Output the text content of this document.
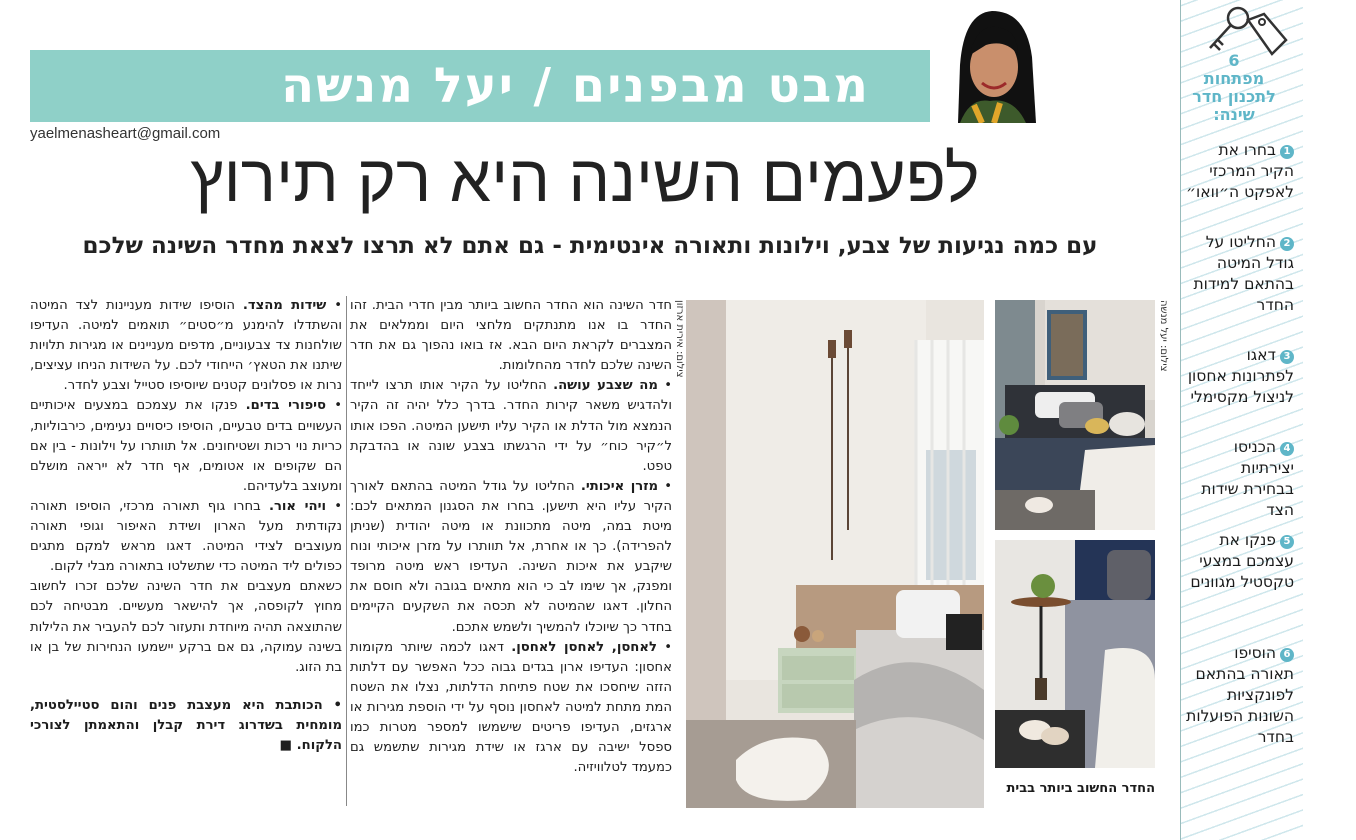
מבט מבפנים / יעל מנשה
yaelmenasheart@gmail.com
לפעמים השינה היא רק תירוץ
עם כמה נגיעות של צבע, וילונות ותאורה אינטימית - גם אתם לא תרצו לצאת מחדר השינה שלכם

חדר השינה הוא החדר החשוב ביותר מבין חדרי הבית. זהו החדר בו אנו מתנתקים מלחצי היום וממלאים את המצברים לקראת היום הבא. אז בואו נהפוך גם את חדר השינה שלכם לחדר מהחלומות.

• מה שצבע עושה. החליטו על הקיר אותו תרצו לייחד ולהדגיש משאר קירות החדר. בדרך כלל יהיה זה הקיר הנמצא מול הדלת או הקיר עליו תישען המיטה. הפכו אותו ל״קיר כוח״ על ידי הרגשתו בצבע שונה או בהדבקת טפט.

• מזרן איכותי. החליטו על גודל המיטה בהתאם לאורך הקיר עליו היא תישען. בחרו את הסגנון המתאים לכם: מיטת במה, מיטה מתכוונת או מיטה יהודית (שניתן להפרידה). כך או אחרת, אל תוותרו על מזרן איכותי ונוח שיקבע את איכות השינה. העדיפו ראש מיטה מרופד ומפנק, אך שימו לב כי הוא מתאים בגובה ולא חוסם את החלון. דאגו שהמיטה לא תכסה את השקעים הקיימים בחדר כך שיוכלו להמשיך ולשמש אתכם.

• לאחסן, לאחסן לאחסן. דאגו לכמה שיותר מקומות אחסון: העדיפו ארון בגדים גבוה ככל האפשר עם דלתות הזזה שיחסכו את שטח פתיחת הדלתות, נצלו את השטח המת מתחת למיטה לאחסון נוסף על ידי הוספת מגירות או ארגזים, העדיפו פריטים שישמשו למספר מטרות כמו ספסל ישיבה עם ארגז או שידת מגירות שתשמש גם כמעמד לטלוויזיה.

• שידות מהצד. הוסיפו שידות מעניינות לצד המיטה והשתדלו להימנע מ״סטים״ תואמים למיטה. העדיפו שולחנות צד צבעוניים, מדפים מעניינים או מגירות תלויות שיתנו את הטאץ׳ הייחודי לכם. על השידות הניחו עציצים, נרות או פסלונים קטנים שיוסיפו סטייל וצבע לחדר.

• סיפורי בדים. פנקו את עצמכם במצעים איכותיים העשויים בדים טבעיים, הוסיפו כיסויים נעימים, כירבוליות, כריות נוי רכות ושטיחונים. אל תוותרו על וילונות - בין אם הם שקופים או אטומים, אף חדר לא ייראה מושלם ומעוצב בלעדיהם.

• ויהי אור. בחרו גוף תאורה מרכזי, הוסיפו תאורה נקודתית מעל הארון ושידת האיפור וגופי תאורה מעוצבים לצידי המיטה. דאגו מראש למקם מתגים כפולים ליד המיטה כדי שתשלטו בתאורה מבלי לקום.

כשאתם מעצבים את חדר השינה שלכם זכרו לחשוב מחוץ לקופסה, אך להישאר מעשיים. מבטיחה לכם שהתוצאה תהיה מיוחדת ותעזור לכם להעביר את הלילות בשינה עמוקה, גם אם ברקע יישמעו הנחירות של בן או בת הזוג.

• הכותבת היא מעצבת פנים והום סטיילסטית, מומחית בשדרוג דירת קבלן והתאמתן לצורכי הלקוח. ■

צילום: אירית ארזון	צילום: יעל מנשה
החדר החשוב ביותר בבית
6
מפתחות לתכנון חדר שינה:
1בחרו את הקיר המרכזי לאפקט ה״וואו״
2החליטו על גודל המיטה בהתאם למידות החדר
3דאגו לפתרונות אחסון לניצול מקסימלי
4הכניסו יצירתיות בבחירת שידות הצד
5פנקו את עצמכם במצעי טקסטיל מגוונים
6הוסיפו תאורה בהתאם לפונקציות השונות הפועלות בחדר
